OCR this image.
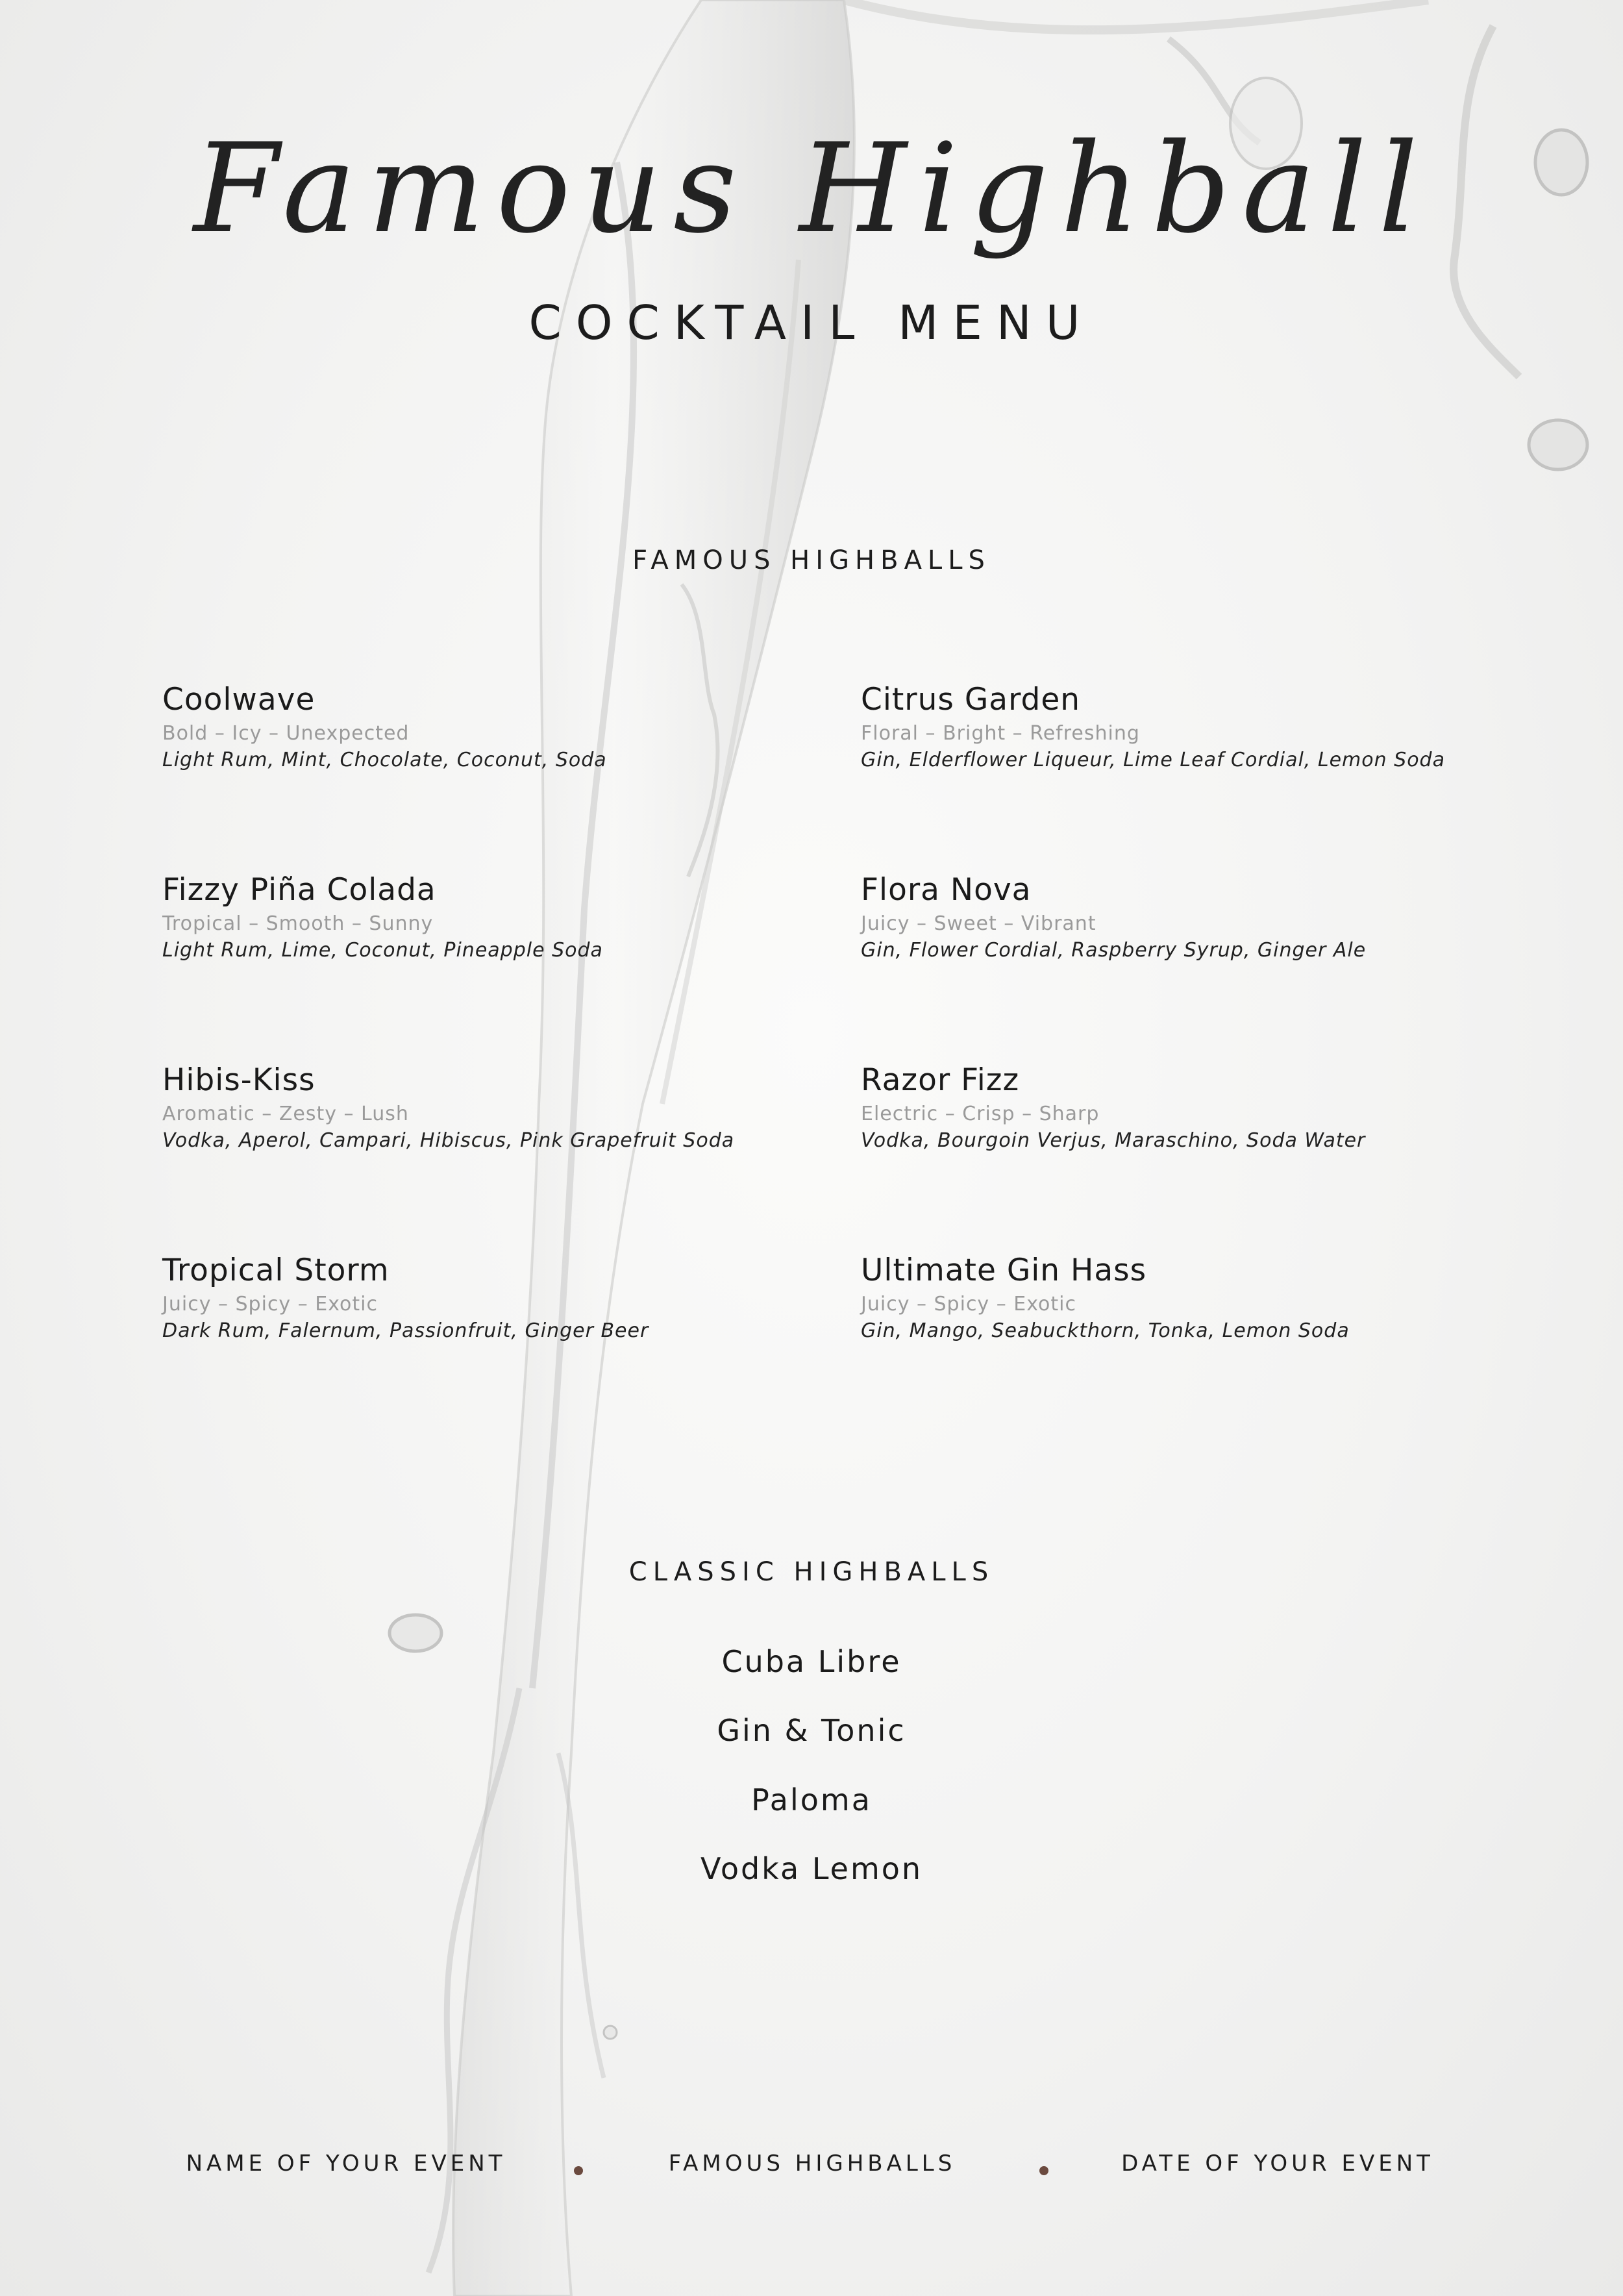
Famous Highball
COCKTAIL MENU
FAMOUS HIGHBALLS
Coolwave
Bold – Icy – Unexpected
Light Rum, Mint, Chocolate, Coconut, Soda
Citrus Garden
Floral – Bright – Refreshing
Gin, Elderflower Liqueur, Lime Leaf Cordial, Lemon Soda
Fizzy Piña Colada
Tropical – Smooth – Sunny
Light Rum, Lime, Coconut, Pineapple Soda
Flora Nova
Juicy – Sweet – Vibrant
Gin, Flower Cordial, Raspberry Syrup, Ginger Ale
Hibis-Kiss
Aromatic – Zesty – Lush
Vodka, Aperol, Campari, Hibiscus, Pink Grapefruit Soda
Razor Fizz
Electric – Crisp – Sharp
Vodka, Bourgoin Verjus, Maraschino, Soda Water
Tropical Storm
Juicy – Spicy – Exotic
Dark Rum, Falernum, Passionfruit, Ginger Beer
Ultimate Gin Hass
Juicy – Spicy – Exotic
Gin, Mango, Seabuckthorn, Tonka, Lemon Soda
CLASSIC HIGHBALLS
Cuba Libre
Gin & Tonic
Paloma
Vodka Lemon
NAME OF YOUR EVENT	FAMOUS HIGHBALLS	DATE OF YOUR EVENT
